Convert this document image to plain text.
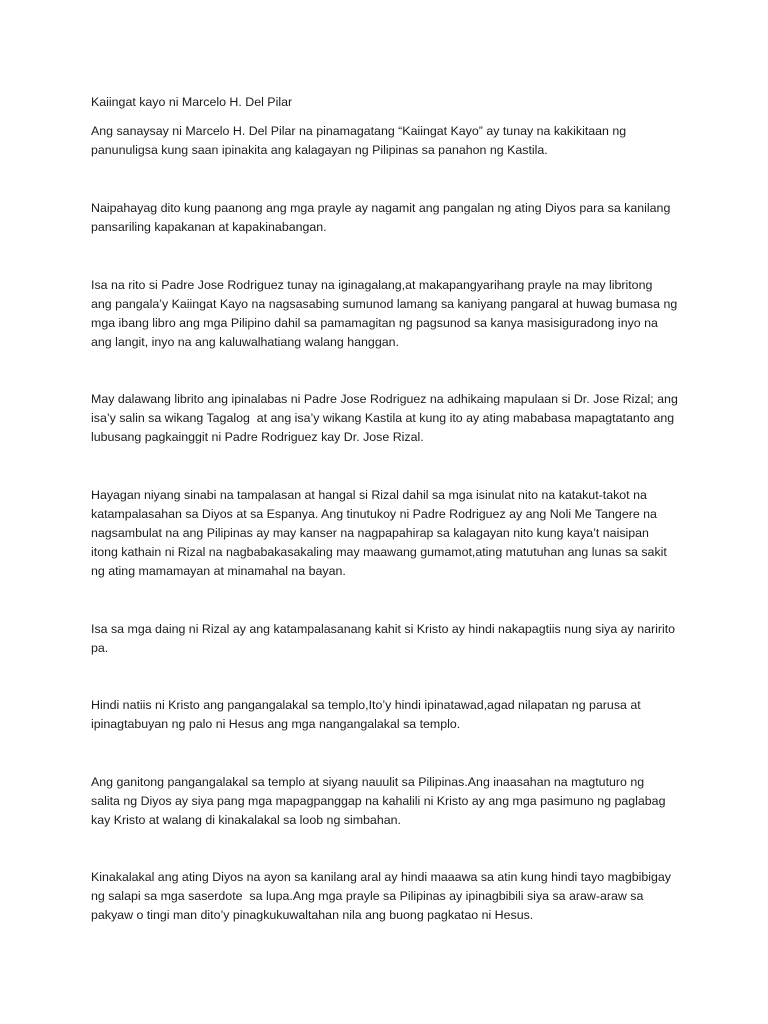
Kaiingat kayo ni Marcelo H. Del Pilar

Ang sanaysay ni Marcelo H. Del Pilar na pinamagatang “Kaiingat Kayo” ay tunay na kakikitaan ng

panunuligsa kung saan ipinakita ang kalagayan ng Pilipinas sa panahon ng Kastila.

Naipahayag dito kung paanong ang mga prayle ay nagamit ang pangalan ng ating Diyos para sa kanilang

pansariling kapakanan at kapakinabangan.

Isa na rito si Padre Jose Rodriguez tunay na iginagalang,at makapangyarihang prayle na may libritong

ang pangala’y Kaiingat Kayo na nagsasabing sumunod lamang sa kaniyang pangaral at huwag bumasa ng

mga ibang libro ang mga Pilipino dahil sa pamamagitan ng pagsunod sa kanya masisiguradong inyo na

ang langit, inyo na ang kaluwalhatiang walang hanggan.

May dalawang librito ang ipinalabas ni Padre Jose Rodriguez na adhikaing mapulaan si Dr. Jose Rizal; ang

isa’y salin sa wikang Tagalog  at ang isa’y wikang Kastila at kung ito ay ating mababasa mapagtatanto ang

lubusang pagkainggit ni Padre Rodriguez kay Dr. Jose Rizal.

Hayagan niyang sinabi na tampalasan at hangal si Rizal dahil sa mga isinulat nito na katakut-takot na

katampalasahan sa Diyos at sa Espanya. Ang tinutukoy ni Padre Rodriguez ay ang Noli Me Tangere na

nagsambulat na ang Pilipinas ay may kanser na nagpapahirap sa kalagayan nito kung kaya’t naisipan

itong kathain ni Rizal na nagbabakasakaling may maawang gumamot,ating matutuhan ang lunas sa sakit

ng ating mamamayan at minamahal na bayan.

Isa sa mga daing ni Rizal ay ang katampalasanang kahit si Kristo ay hindi nakapagtiis nung siya ay naririto

pa.

Hindi natiis ni Kristo ang pangangalakal sa templo,Ito’y hindi ipinatawad,agad nilapatan ng parusa at

ipinagtabuyan ng palo ni Hesus ang mga nangangalakal sa templo.

Ang ganitong pangangalakal sa templo at siyang nauulit sa Pilipinas.Ang inaasahan na magtuturo ng

salita ng Diyos ay siya pang mga mapagpanggap na kahalili ni Kristo ay ang mga pasimuno ng paglabag

kay Kristo at walang di kinakalakal sa loob ng simbahan.

Kinakalakal ang ating Diyos na ayon sa kanilang aral ay hindi maaawa sa atin kung hindi tayo magbibigay

ng salapi sa mga saserdote  sa lupa.Ang mga prayle sa Pilipinas ay ipinagbibili siya sa araw-araw sa

pakyaw o tingi man dito’y pinagkukuwaltahan nila ang buong pagkatao ni Hesus.
